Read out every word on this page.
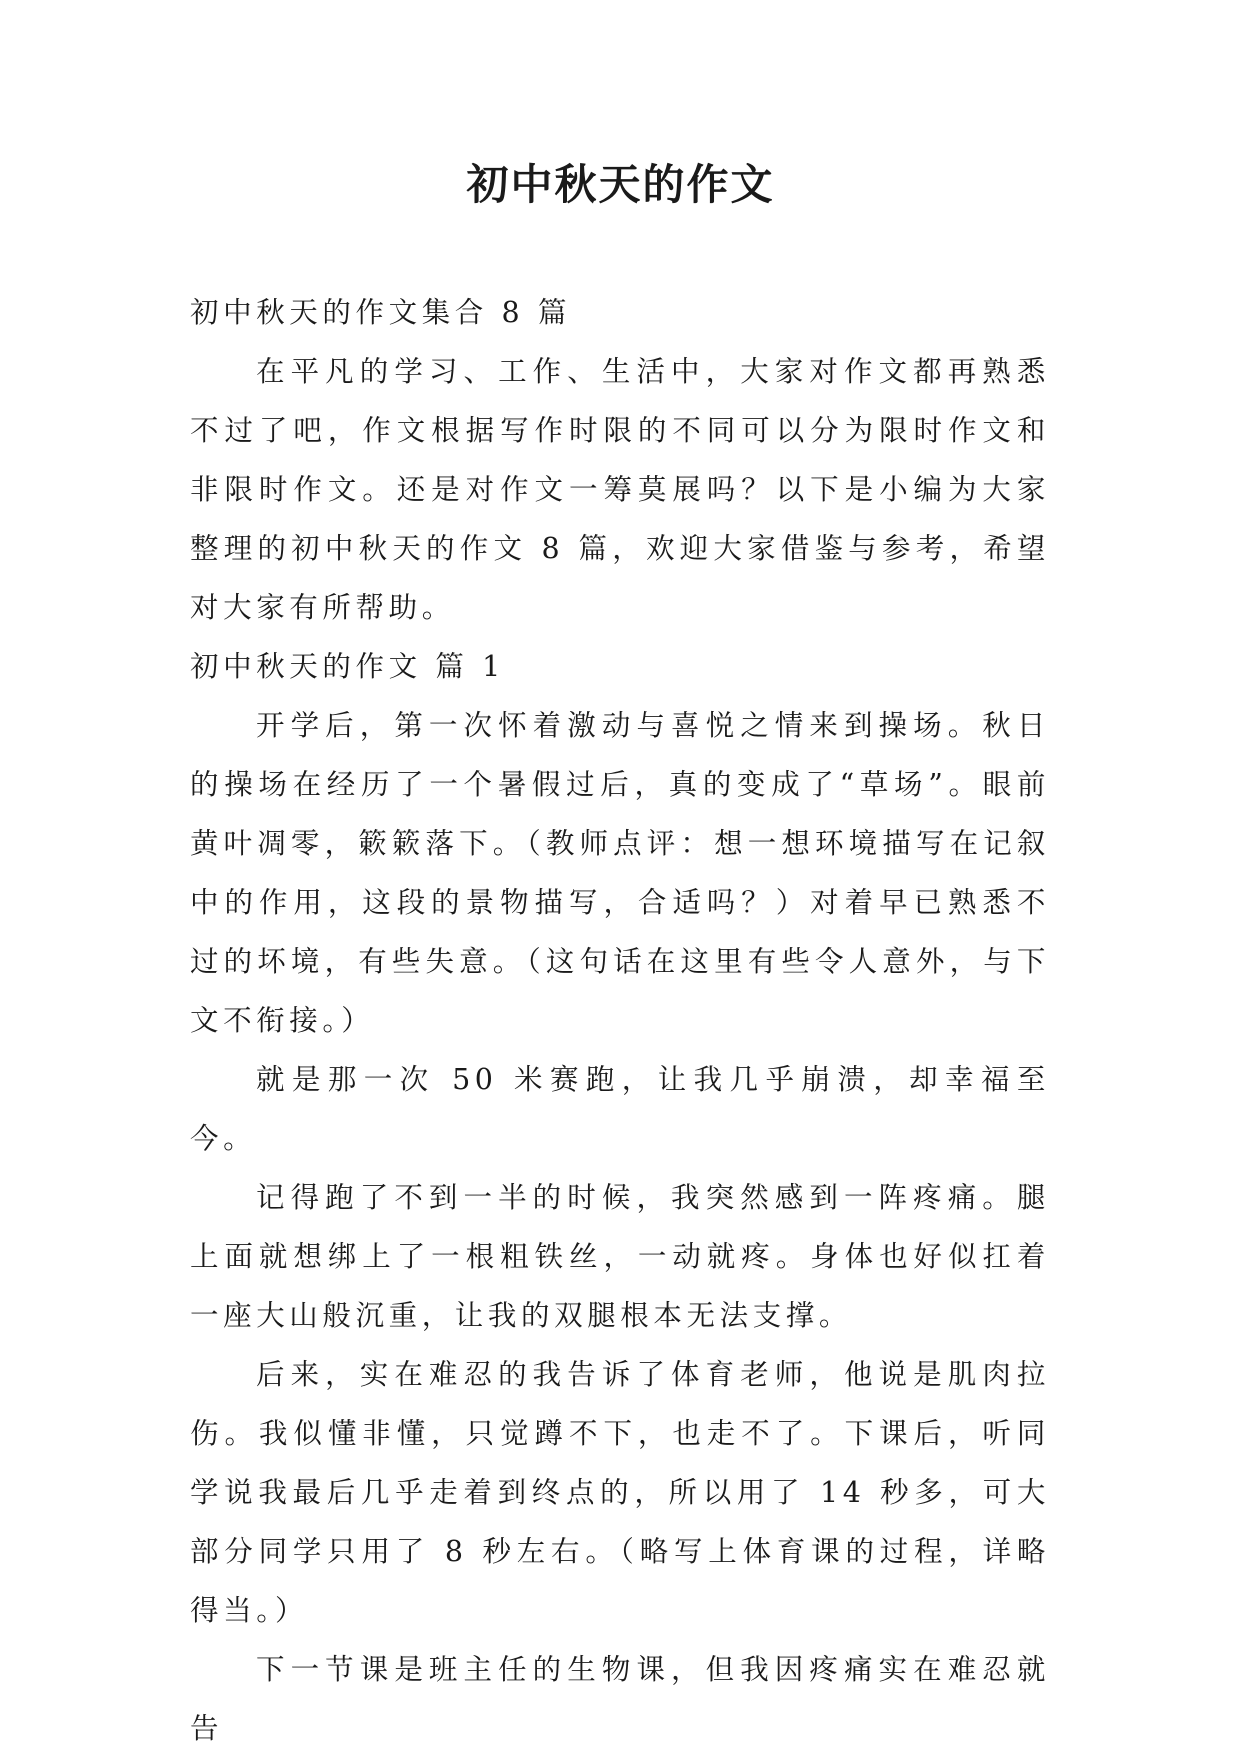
初中秋天的作文

初中秋天的作文集合 8 篇

在平凡的学习、工作、生活中，大家对作文都再熟悉不过了吧，作文根据写作时限的不同可以分为限时作文和非限时作文。还是对作文一筹莫展吗？以下是小编为大家整理的初中秋天的作文 8 篇，欢迎大家借鉴与参考，希望对大家有所帮助。

初中秋天的作文 篇 1

开学后，第一次怀着激动与喜悦之情来到操场。秋日的操场在经历了一个暑假过后，真的变成了“草场”。眼前黄叶凋零，簌簌落下。（教师点评：想一想环境描写在记叙中的作用，这段的景物描写，合适吗？）对着早已熟悉不过的坏境，有些失意。（这句话在这里有些令人意外，与下文不衔接。）

就是那一次 50 米赛跑，让我几乎崩溃，却幸福至今。

记得跑了不到一半的时候，我突然感到一阵疼痛。腿上面就想绑上了一根粗铁丝，一动就疼。身体也好似扛着一座大山般沉重，让我的双腿根本无法支撑。

后来，实在难忍的我告诉了体育老师，他说是肌肉拉伤。我似懂非懂，只觉蹲不下，也走不了。下课后，听同学说我最后几乎走着到终点的，所以用了 14 秒多，可大部分同学只用了 8 秒左右。（略写上体育课的过程，详略得当。）

下一节课是班主任的生物课，但我因疼痛实在难忍就告
